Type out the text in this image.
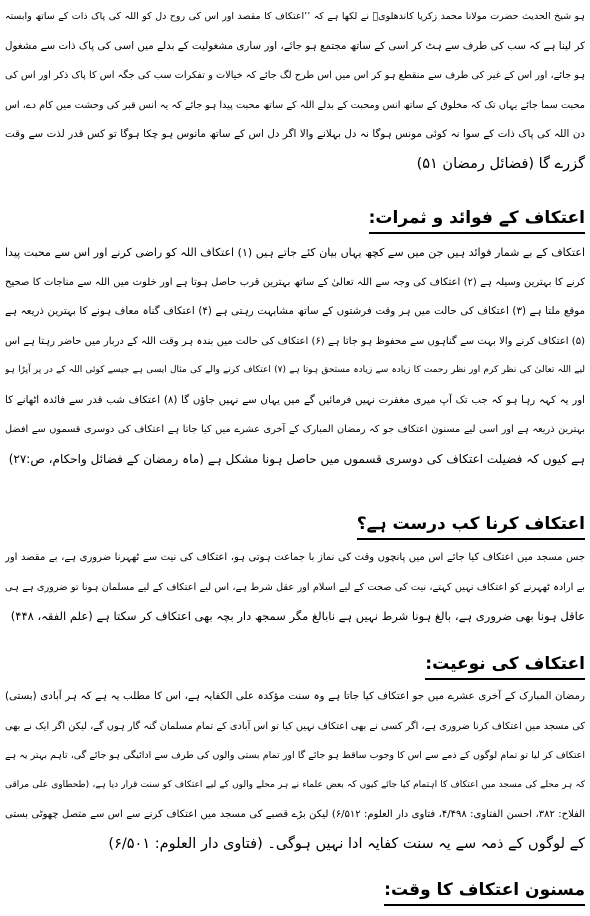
ہو شیخ الحدیث حضرت مولانا محمد زکریا کاندھلویؒ نے لکھا ہے کہ ’’اعتکاف کا مقصد اور اس کی روح دل کو اللہ کی پاک ذات کے ساتھ وابستہ
کر لینا ہے کہ سب کی طرف سے ہٹ کر اسی کے ساتھ مجتمع ہو جائے، اور ساری مشغولیت کے بدلے میں اسی کی پاک ذات سے مشغول
ہو جائے، اور اس کے غیر کی طرف سے منقطع ہو کر اس میں اس طرح لگ جائے کہ خیالات و تفکرات سب کی جگہ اس کا پاک ذکر اور اس کی
محبت سما جائے یہاں تک کہ مخلوق کے ساتھ انس ومحبت کے بدلے اللہ کے ساتھ محبت پیدا ہو جائے کہ یہ انس قبر کی وحشت میں کام دے، اس
دن اللہ کی پاک ذات کے سوا نہ کوئی مونس ہوگا نہ دل بہلانے والا اگر دل اس کے ساتھ مانوس ہو چکا ہوگا تو کس قدر لذت سے وقت
گزرے گا (فضائل رمضان ۵۱)
اعتکاف کے فوائد و ثمرات:
اعتکاف کے بے شمار فوائد ہیں جن میں سے کچھ یہاں بیان کئے جاتے ہیں (۱) اعتکاف اللہ کو راضی کرنے اور اس سے محبت پیدا
کرنے کا بہترین وسیلہ ہے (۲) اعتکاف کی وجہ سے اللہ تعالیٰ کے ساتھ بہترین قرب حاصل ہوتا ہے اور خلوت میں اللہ سے مناجات کا صحیح
موقع ملتا ہے (۳) اعتکاف کی حالت میں ہر وقت فرشتوں کے ساتھ مشابہت رہتی ہے (۴) اعتکاف گناہ معاف ہونے کا بہترین ذریعہ ہے
(۵) اعتکاف کرنے والا بہت سے گناہوں سے محفوظ ہو جاتا ہے (۶) اعتکاف کی حالت میں بندہ ہر وقت اللہ کے دربار میں حاضر رہتا ہے اس
لیے اللہ تعالیٰ کی نظر کرم اور نظر رحمت کا زیادہ سے زیادہ مستحق ہوتا ہے (۷) اعتکاف کرنے والے کی مثال ایسی ہے جیسے کوئی اللہ کے در پر آپڑا ہو
اور یہ کہہ رہا ہو کہ جب تک آپ میری مغفرت نہیں فرمائیں گے میں یہاں سے نہیں جاؤں گا (۸) اعتکاف شب قدر سے فائدہ اٹھانے کا
بہترین ذریعہ ہے اور اسی لیے مسنون اعتکاف جو کہ رمضان المبارک کے آخری عشرے میں کیا جاتا ہے اعتکاف کی دوسری قسموں سے افضل
ہے کیوں کہ فضیلت اعتکاف کی دوسری قسموں میں حاصل ہونا مشکل ہے (ماہ رمضان کے فضائل واحکام، ص:۲۷)
اعتکاف کرنا کب درست ہے؟
جس مسجد میں اعتکاف کیا جائے اس میں پانچوں وقت کی نماز با جماعت ہوتی ہو، اعتکاف کی نیت سے ٹھہرنا ضروری ہے، بے مقصد اور
بے ارادہ ٹھہرنے کو اعتکاف نہیں کہتے، نیت کی صحت کے لیے اسلام اور عقل شرط ہے، اس لیے اعتکاف کے لیے مسلمان ہونا تو ضروری ہے ہی
عاقل ہونا بھی ضروری ہے، بالغ ہونا شرط نہیں ہے نابالغ مگر سمجھ دار بچہ بھی اعتکاف کر سکتا ہے (علم الفقہ، ۴۴۸)
اعتکاف کی نوعیت:
رمضان المبارک کے آخری عشرے میں جو اعتکاف کیا جاتا ہے وہ سنت مؤکدہ علی الکفایہ ہے، اس کا مطلب یہ ہے کہ ہر آبادی (بستی)
کی مسجد میں اعتکاف کرنا ضروری ہے، اگر کسی نے بھی اعتکاف نہیں کیا تو اس آبادی کے تمام مسلمان گنہ گار ہوں گے، لیکن اگر ایک نے بھی
اعتکاف کر لیا تو تمام لوگوں کے ذمے سے اس کا وجوب ساقط ہو جائے گا اور تمام بستی والوں کی طرف سے ادائیگی ہو جائے گی، تاہم بہتر یہ ہے
کہ ہر محلے کی مسجد میں اعتکاف کا اہتمام کیا جائے کیوں کہ بعض علماء نے ہر محلے والوں کے لیے اعتکاف کو سنت قرار دیا ہے، (طحطاوی علی مراقی
الفلاح: ۳۸۲، احسن الفتاوی: ۴/۴۹۸، فتاوی دار العلوم: ۶/۵۱۲) لیکن بڑے قصبے کی مسجد میں اعتکاف کرنے سے اس سے متصل چھوٹی بستی
کے لوگوں کے ذمہ سے یہ سنت کفایہ ادا نہیں ہوگی۔ (فتاوی دار العلوم: ۶/۵۰۱)
مسنون اعتکاف کا وقت:
